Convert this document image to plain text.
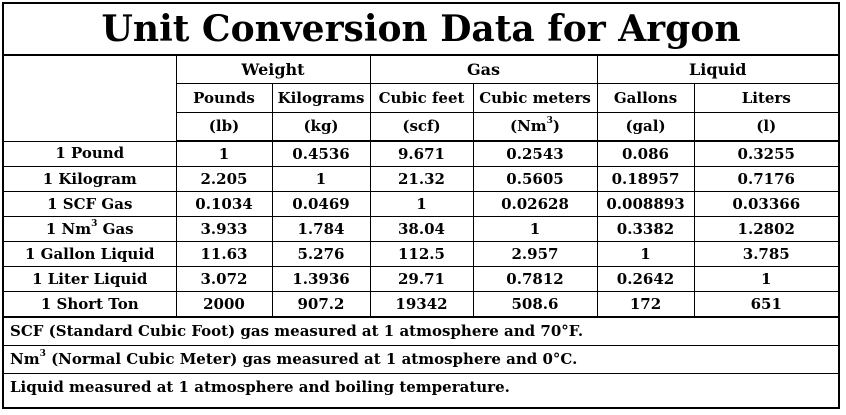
Unit Conversion Data for Argon						
	Weight		Gas		Liquid	
	Pounds	Kilograms	Cubic feet	Cubic meters	Gallons	Liters
	(lb)	(kg)	(scf)	(Nm$^3$)	(gal)	(l)
1 Pound	1	0.4536	9.671	0.2543	0.086	0.3255
1 Kilogram	2.205	1	21.32	0.5605	0.18957	0.7176
1 SCF Gas	0.1034	0.0469	1	0.02628	0.008893	0.03366
1 Nm$^3$ Gas	3.933	1.784	38.04	1	0.3382	1.2802
1 Gallon Liquid	11.63	5.276	112.5	2.957	1	3.785
1 Liter Liquid	3.072	1.3936	29.71	0.7812	0.2642	1
1 Short Ton	2000	907.2	19342	508.6	172	651
SCF (Standard Cubic Foot) gas measured at 1 atmosphere and 70°F.						
Nm$^3$ (Normal Cubic Meter) gas measured at 1 atmosphere and 0°C.						
Liquid measured at 1 atmosphere and boiling temperature.						
